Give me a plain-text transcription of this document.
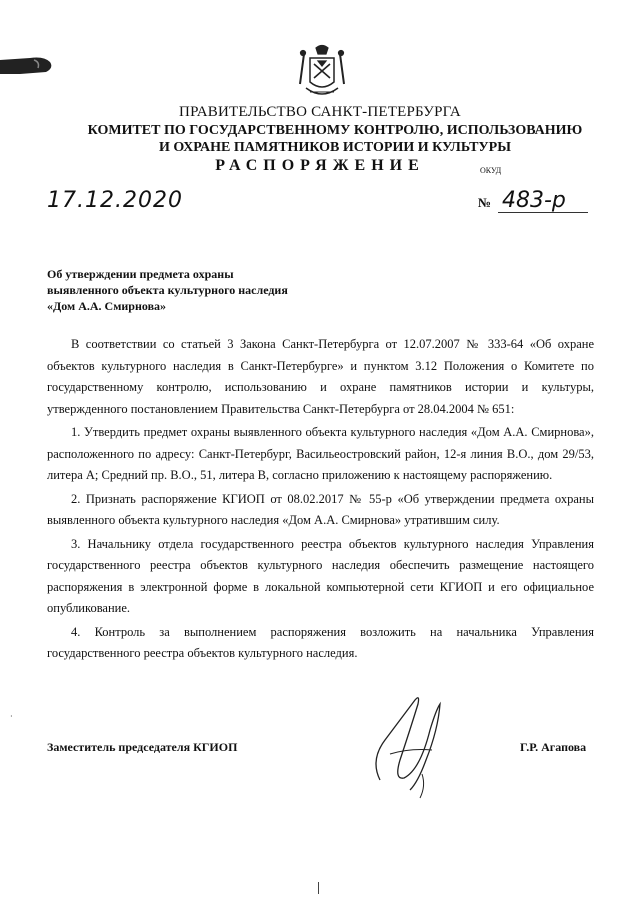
ПРАВИТЕЛЬСТВО САНКТ-ПЕТЕРБУРГА
КОМИТЕТ ПО ГОСУДАРСТВЕННОМУ КОНТРОЛЮ, ИСПОЛЬЗОВАНИЮ
И ОХРАНЕ ПАМЯТНИКОВ ИСТОРИИ И КУЛЬТУРЫ
РАСПОРЯЖЕНИЕ	ОКУД
17.12.2020	№ 483-р
Об утверждении предмета охраны
выявленного объекта культурного наследия
«Дом А.А. Смирнова»

В соответствии со статьей 3 Закона Санкт-Петербурга от 12.07.2007 № 333-64 «Об охране объектов культурного наследия в Санкт-Петербурге» и пунктом 3.12 Положения о Комитете по государственному контролю, использованию и охране памятников истории и культуры, утвержденного постановлением Правительства Санкт-Петербурга от 28.04.2004 № 651:

1. Утвердить предмет охраны выявленного объекта культурного наследия «Дом А.А. Смирнова», расположенного по адресу: Санкт-Петербург, Васильеостровский район, 12-я линия В.О., дом 29/53, литера А; Средний пр. В.О., 51, литера В, согласно приложению к настоящему распоряжению.

2. Признать распоряжение КГИОП от 08.02.2017 № 55-р «Об утверждении предмета охраны выявленного объекта культурного наследия «Дом А.А. Смирнова» утратившим силу.

3. Начальнику отдела государственного реестра объектов культурного наследия Управления государственного реестра объектов культурного наследия обеспечить размещение настоящего распоряжения в электронной форме в локальной компьютерной сети КГИОП и его официальное опубликование.

4. Контроль за выполнением распоряжения возложить на начальника Управления государственного реестра объектов культурного наследия.

Заместитель председателя КГИОП	Г.Р. Агапова
·
